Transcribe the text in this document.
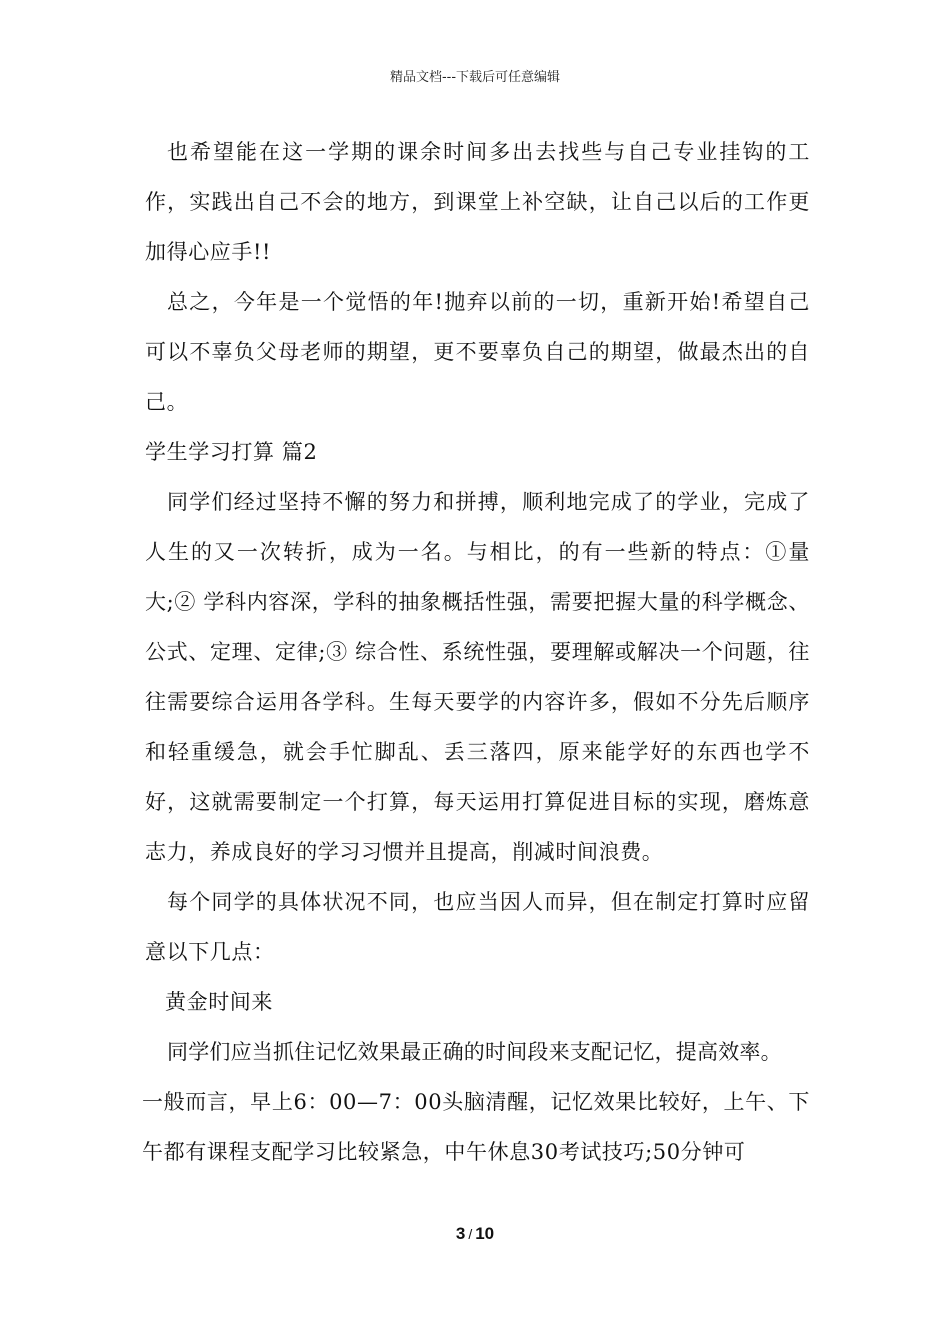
精品文档---下载后可任意编辑

也希望能在这一学期的课余时间多出去找些与自己专业挂钩的工作，实践出自己不会的地方，到课堂上补空缺，让自己以后的工作更加得心应手!!

总之，今年是一个觉悟的年!抛弃以前的一切，重新开始!希望自己可以不辜负父母老师的期望，更不要辜负自己的期望，做最杰出的自己。

学生学习打算 篇2

同学们经过坚持不懈的努力和拼搏，顺利地完成了的学业，完成了人生的又一次转折，成为一名。与相比，的有一些新的特点：①量大;② 学科内容深，学科的抽象概括性强，需要把握大量的科学概念、公式、定理、定律;③ 综合性、系统性强，要理解或解决一个问题，往往需要综合运用各学科。生每天要学的内容许多，假如不分先后顺序和轻重缓急，就会手忙脚乱、丢三落四，原来能学好的东西也学不好，这就需要制定一个打算，每天运用打算促进目标的实现，磨炼意志力，养成良好的学习习惯并且提高，削减时间浪费。

每个同学的具体状况不同，也应当因人而异，但在制定打算时应留意以下几点：

黄金时间来

同学们应当抓住记忆效果最正确的时间段来支配记忆，提高效率。

一般而言，早上6：00—7：00头脑清醒，记忆效果比较好，上午、下午都有课程支配学习比较紧急，中午休息30考试技巧;50分钟可

3 / 10
